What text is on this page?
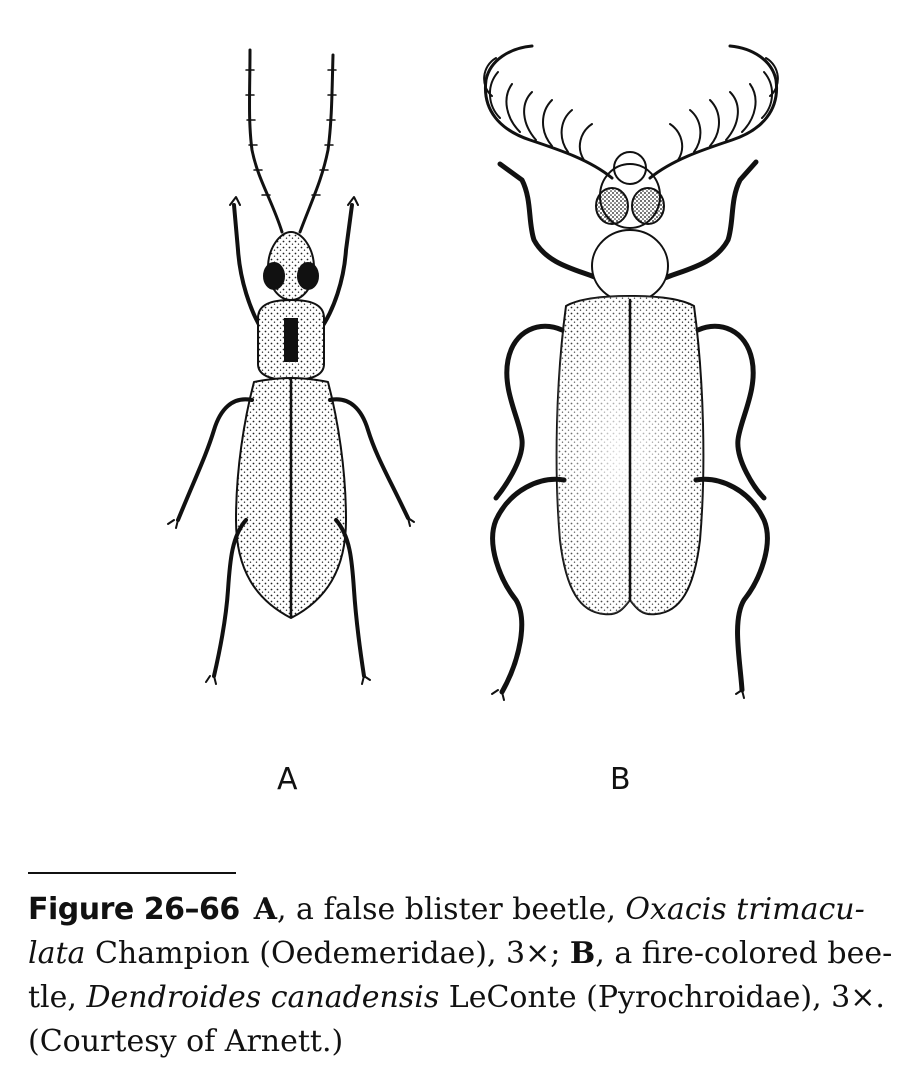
A	B
Figure 26–66 A, a false blister beetle, Oxacis trimacu-
lata Champion (Oedemeridae), 3×; B, a fire-colored bee-tle, Dendroides canadensis LeConte (Pyrochroidae), 3×.
(Courtesy of Arnett.)
